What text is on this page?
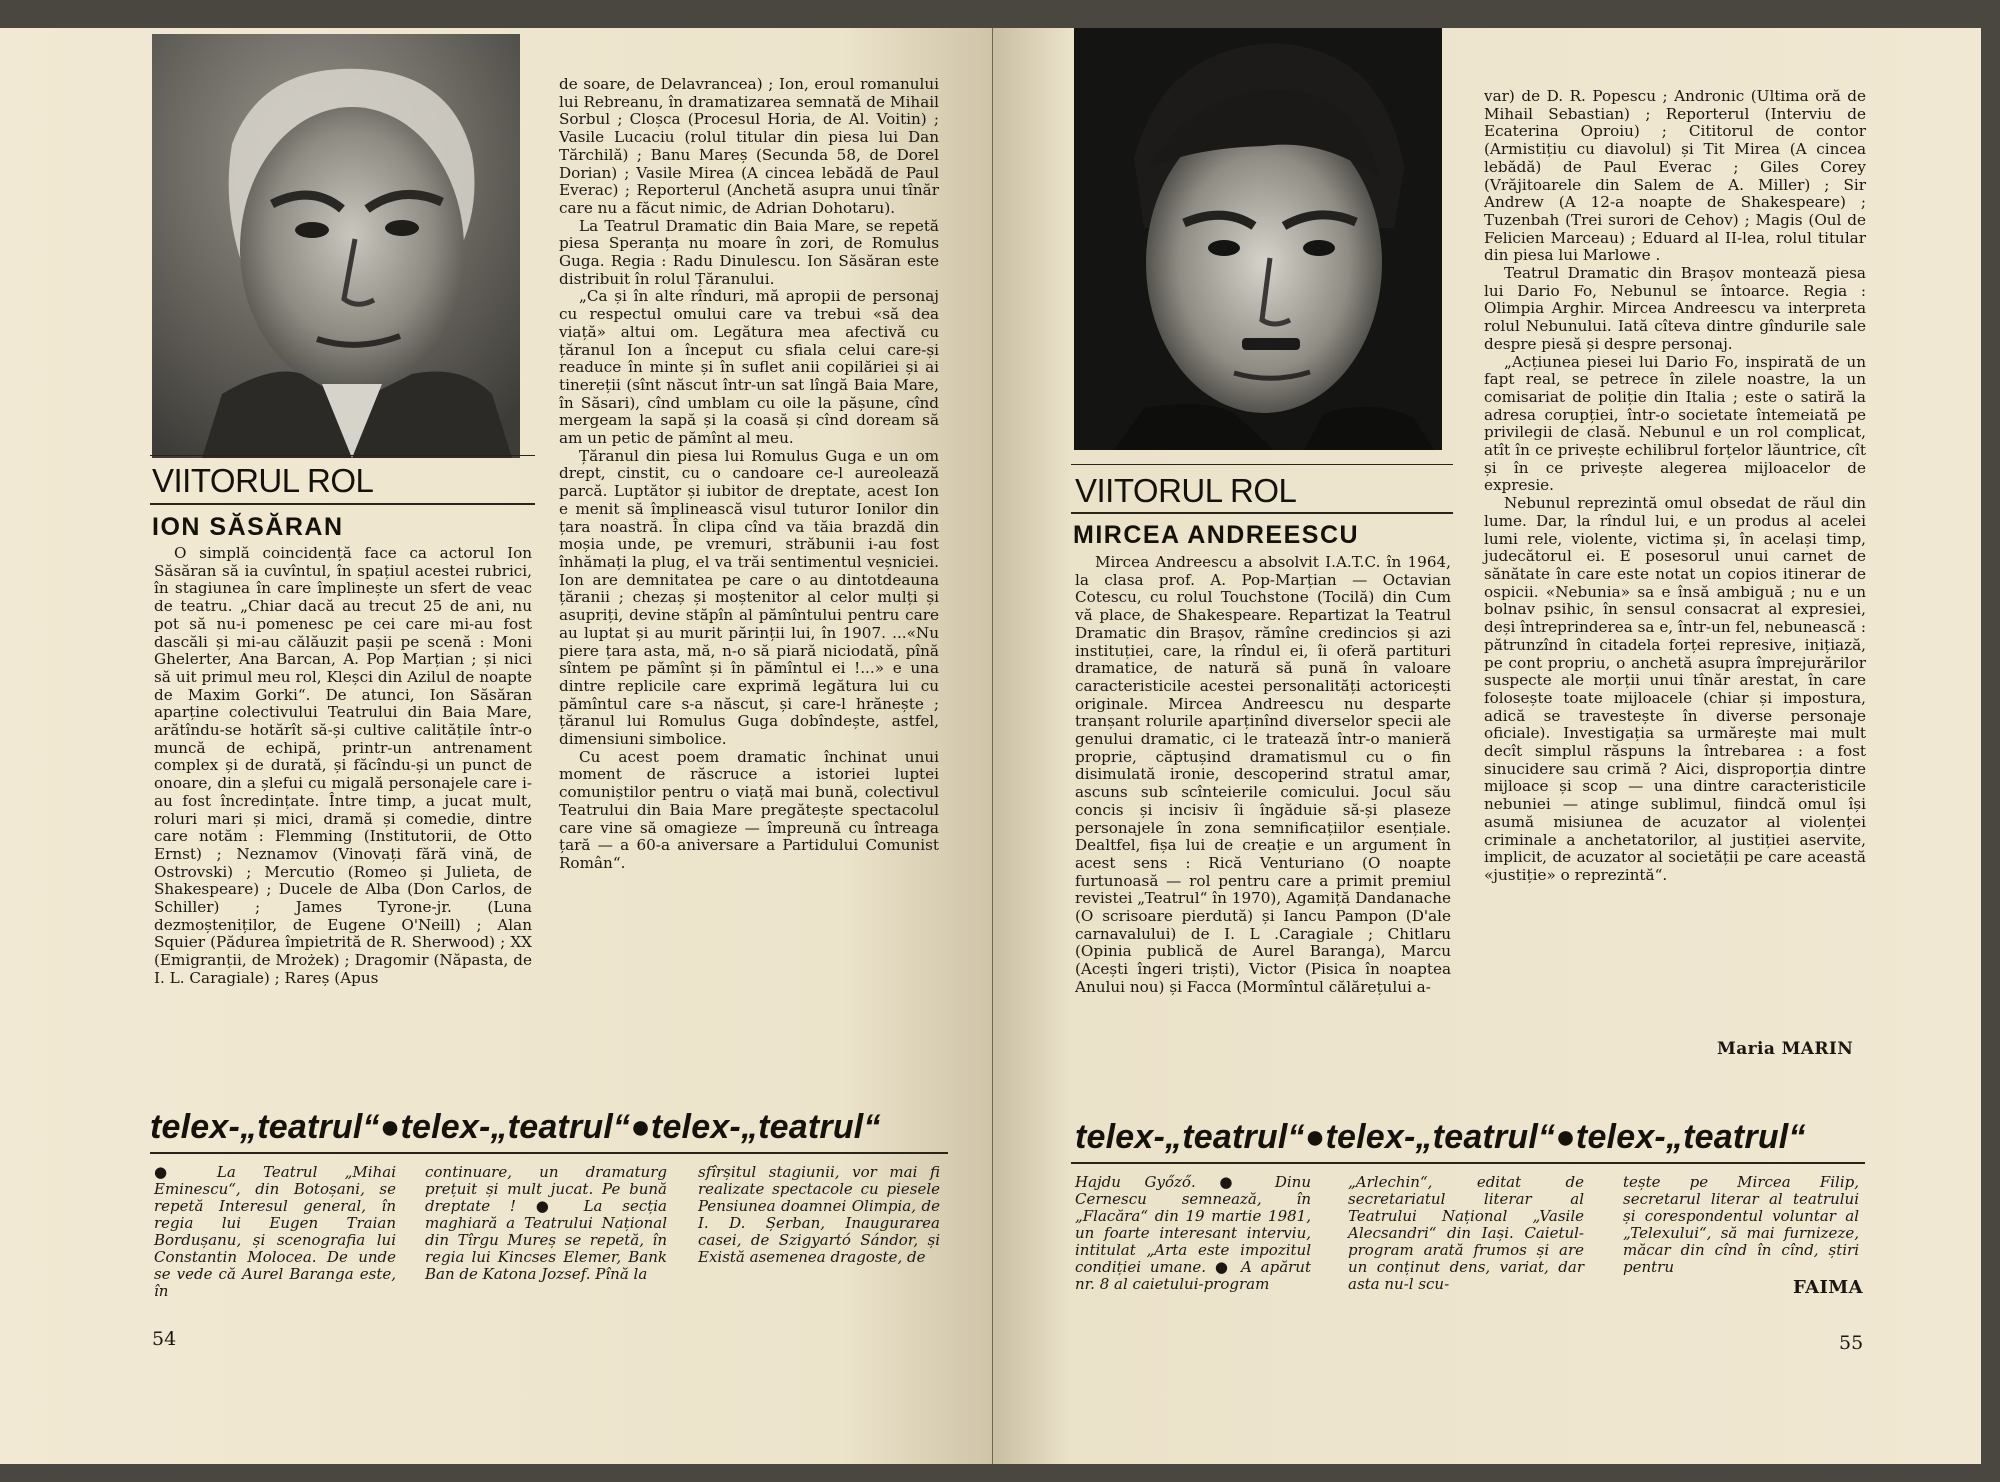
VIITORUL ROL
ION SĂSĂRAN

O simplă coincidență face ca actorul Ion Săsăran să ia cuvîntul, în spațiul acestei rubrici, în stagiunea în care împlinește un sfert de veac de teatru. „Chiar dacă au trecut 25 de ani, nu pot să nu-i pomenesc pe cei care mi-au fost dascăli și mi-au călăuzit pașii pe scenă : Moni Ghelerter, Ana Barcan, A. Pop Marțian ; și nici să uit primul meu rol, Kleșci din Azilul de noapte de Maxim Gorki“. De atunci, Ion Săsăran aparține colectivului Teatrului din Baia Mare, arătîndu-se hotărît să-și cultive calitățile într-o muncă de echipă, printr-un antrenament complex și de durată, și făcîndu-și un punct de onoare, din a șlefui cu migală personajele care i-au fost încredințate. Între timp, a jucat mult, roluri mari și mici, dramă și comedie, dintre care notăm : Flemming (Institutorii, de Otto Ernst) ; Neznamov (Vinovați fără vină, de Ostrovski) ; Mercutio (Romeo și Julieta, de Shakespeare) ; Ducele de Alba (Don Carlos, de Schiller) ; James Tyrone-jr. (Luna dezmoșteniților, de Eugene O'Neill) ; Alan Squier (Pădurea împietrită de R. Sherwood) ; XX (Emigranții, de Mrożek) ; Dragomir (Năpasta, de I. L. Caragiale) ; Rareș (Apus

de soare, de Delavrancea) ; Ion, eroul romanului lui Rebreanu, în dramatizarea semnată de Mihail Sorbul ; Cloșca (Procesul Horia, de Al. Voitin) ; Vasile Lucaciu (rolul titular din piesa lui Dan Tărchilă) ; Banu Mareș (Secunda 58, de Dorel Dorian) ; Vasile Mirea (A cincea lebădă de Paul Everac) ; Reporterul (Anchetă asupra unui tînăr care nu a făcut nimic, de Adrian Dohotaru).

La Teatrul Dramatic din Baia Mare, se repetă piesa Speranța nu moare în zori, de Romulus Guga. Regia : Radu Dinulescu. Ion Săsăran este distribuit în rolul Țăranului.

„Ca și în alte rînduri, mă apropii de personaj cu respectul omului care va trebui «să dea viață» altui om. Legătura mea afectivă cu țăranul Ion a început cu sfiala celui care-și readuce în minte și în suflet anii copilăriei și ai tinereții (sînt născut într-un sat lîngă Baia Mare, în Săsari), cînd umblam cu oile la pășune, cînd mergeam la sapă și la coasă și cînd doream să am un petic de pămînt al meu.

Țăranul din piesa lui Romulus Guga e un om drept, cinstit, cu o candoare ce-l aureolează parcă. Luptător și iubitor de dreptate, acest Ion e menit să împlinească visul tuturor Ionilor din țara noastră. În clipa cînd va tăia brazdă din moșia unde, pe vremuri, străbunii i-au fost înhămați la plug, el va trăi sentimentul veșniciei. Ion are demnitatea pe care o au dintotdeauna țăranii ; chezaș și moștenitor al celor mulți și asupriți, devine stăpîn al pămîntului pentru care au luptat și au murit părinții lui, în 1907. ...«Nu piere țara asta, mă, n-o să piară niciodată, pînă sîntem pe pămînt și în pămîntul ei !...» e una dintre replicile care exprimă legătura lui cu pămîntul care s-a născut, și care-l hrănește ; țăranul lui Romulus Guga dobîndește, astfel, dimensiuni simbolice.

Cu acest poem dramatic închinat unui moment de răscruce a istoriei luptei comuniștilor pentru o viață mai bună, colectivul Teatrului din Baia Mare pregătește spectacolul care vine să omagieze — împreună cu întreaga țară — a 60-a aniversare a Partidului Comunist Român“.

telex-„teatrul“●telex-„teatrul“●telex-„teatrul“

● La Teatrul „Mihai Eminescu“, din Botoșani, se repetă Interesul general, în regia lui Eugen Traian Bordușanu, și scenografia lui Constantin Molocea. De unde se vede că Aurel Baranga este, în

continuare, un dramaturg prețuit și mult jucat. Pe bună dreptate ! ● La secția maghiară a Teatrului Național din Tîrgu Mureș se repetă, în regia lui Kincses Elemer, Bank Ban de Katona Jozsef. Pînă la

sfîrșitul stagiunii, vor mai fi realizate spectacole cu piesele Pensiunea doamnei Olimpia, de I. D. Șerban, Inaugurarea casei, de Szigyartó Sándor, și Există asemenea dragoste, de

54
VIITORUL ROL
MIRCEA ANDREESCU

Mircea Andreescu a absolvit I.A.T.C. în 1964, la clasa prof. A. Pop-Marțian — Octavian Cotescu, cu rolul Touchstone (Tocilă) din Cum vă place, de Shakespeare. Repartizat la Teatrul Dramatic din Brașov, rămîne credincios și azi instituției, care, la rîndul ei, îi oferă partituri dramatice, de natură să pună în valoare caracteristicile acestei personalități actoricești originale. Mircea Andreescu nu desparte tranșant rolurile aparținînd diverselor specii ale genului dramatic, ci le tratează într-o manieră proprie, căptușind dramatismul cu o fin disimulată ironie, descoperind stratul amar, ascuns sub scînteierile comicului. Jocul său concis și incisiv îi îngăduie să-și plaseze personajele în zona semnificațiilor esențiale. Dealtfel, fișa lui de creație e un argument în acest sens : Rică Venturiano (O noapte furtunoasă — rol pentru care a primit premiul revistei „Teatrul“ în 1970), Agamiță Dandanache (O scrisoare pierdută) și Iancu Pampon (D'ale carnavalului) de I. L .Caragiale ; Chitlaru (Opinia publică de Aurel Baranga), Marcu (Acești îngeri triști), Victor (Pisica în noaptea Anului nou) și Facca (Mormîntul călărețului a-

var) de D. R. Popescu ; Andronic (Ultima oră de Mihail Sebastian) ; Reporterul (Interviu de Ecaterina Oproiu) ; Cititorul de contor (Armistițiu cu diavolul) și Tit Mirea (A cincea lebădă) de Paul Everac ; Giles Corey (Vrăjitoarele din Salem de A. Miller) ; Sir Andrew (A 12-a noapte de Shakespeare) ; Tuzenbah (Trei surori de Cehov) ; Magis (Oul de Felicien Marceau) ; Eduard al II-lea, rolul titular din piesa lui Marlowe .

Teatrul Dramatic din Brașov montează piesa lui Dario Fo, Nebunul se întoarce. Regia : Olimpia Arghir. Mircea Andreescu va interpreta rolul Nebunului. Iată cîteva dintre gîndurile sale despre piesă și despre personaj.

„Acțiunea piesei lui Dario Fo, inspirată de un fapt real, se petrece în zilele noastre, la un comisariat de poliție din Italia ; este o satiră la adresa corupției, într-o societate întemeiată pe privilegii de clasă. Nebunul e un rol complicat, atît în ce privește echilibrul forțelor lăuntrice, cît și în ce privește alegerea mijloacelor de expresie.

Nebunul reprezintă omul obsedat de răul din lume. Dar, la rîndul lui, e un produs al acelei lumi rele, violente, victima și, în același timp, judecătorul ei. E posesorul unui carnet de sănătate în care este notat un copios itinerar de ospicii. «Nebunia» sa e însă ambiguă ; nu e un bolnav psihic, în sensul consacrat al expresiei, deși întreprinderea sa e, într-un fel, nebunească : pătrunzînd în citadela forței represive, inițiază, pe cont propriu, o anchetă asupra împrejurărilor suspecte ale morții unui tînăr arestat, în care folosește toate mijloacele (chiar și impostura, adică se travestește în diverse personaje oficiale). Investigația sa urmărește mai mult decît simplul răspuns la întrebarea : a fost sinucidere sau crimă ? Aici, disproporția dintre mijloace și scop — una dintre caracteristicile nebuniei — atinge sublimul, fiindcă omul își asumă misiunea de acuzator al violenței criminale a anchetatorilor, al justiției aservite, implicit, de acuzator al societății pe care această «justiție» o reprezintă“.

Maria MARIN
telex-„teatrul“●telex-„teatrul“●telex-„teatrul“

Hajdu Győző. ● Dinu Cernescu semnează, în „Flacăra“ din 19 martie 1981, un foarte interesant interviu, intitulat „Arta este impozitul condiției umane. ● A apărut nr. 8 al caietului-program

„Arlechin“, editat de secretariatul literar al Teatrului Național „Vasile Alecsandri“ din Iași. Caietul-program arată frumos și are un conținut dens, variat, dar asta nu-l scu-

tește pe Mircea Filip, secretarul literar al teatrului și corespondentul voluntar al „Telexului“, să mai furnizeze, măcar din cînd în cînd, știri pentru

FAIMA
55
